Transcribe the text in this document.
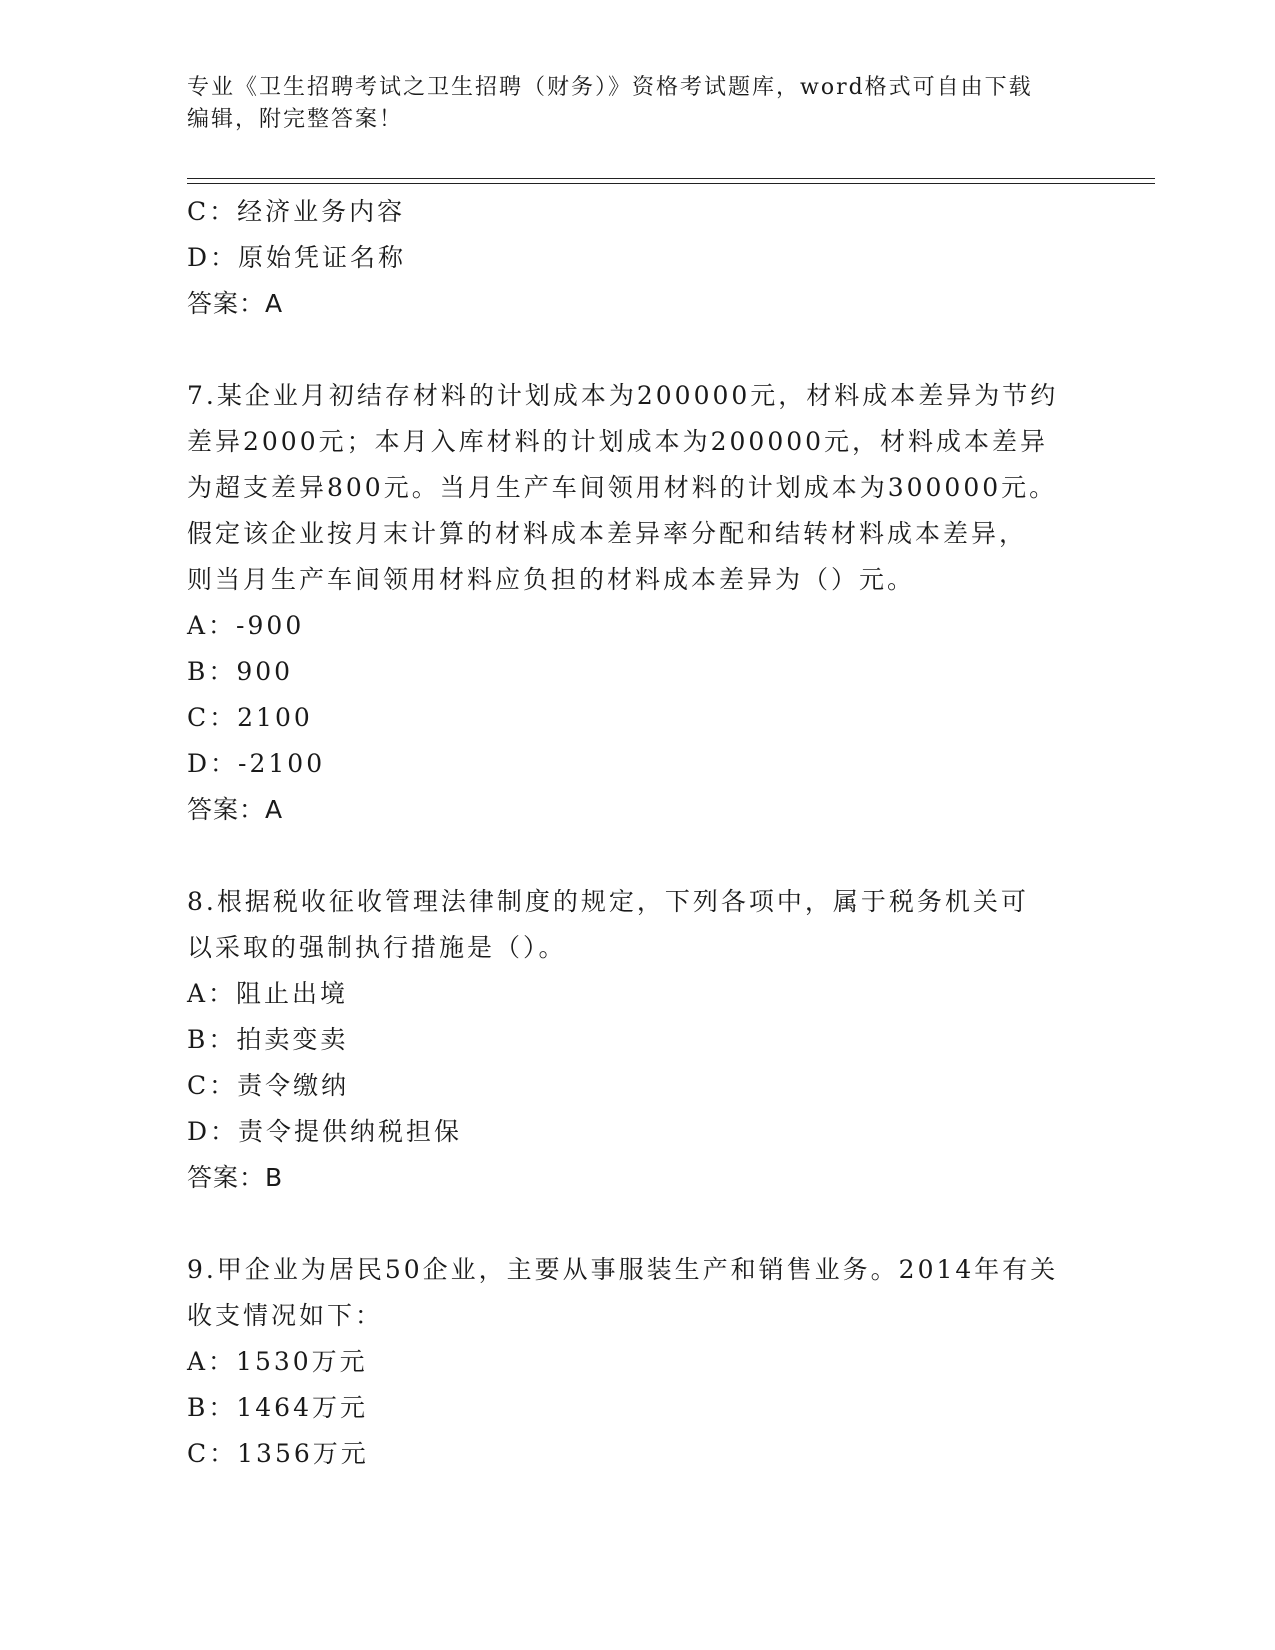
专业《卫生招聘考试之卫生招聘（财务）》资格考试题库，word格式可自由下载
编辑，附完整答案！
C：经济业务内容
D：原始凭证名称
答案：A
7.某企业月初结存材料的计划成本为200000元，材料成本差异为节约
差异2000元；本月入库材料的计划成本为200000元，材料成本差异
为超支差异800元。当月生产车间领用材料的计划成本为300000元。
假定该企业按月末计算的材料成本差异率分配和结转材料成本差异，
则当月生产车间领用材料应负担的材料成本差异为（）元。
A：-900
B：900
C：2100
D：-2100
答案：A
8.根据税收征收管理法律制度的规定，下列各项中，属于税务机关可
以采取的强制执行措施是（）。
A：阻止出境
B：拍卖变卖
C：责令缴纳
D：责令提供纳税担保
答案：B
9.甲企业为居民50企业，主要从事服装生产和销售业务。2014年有关
收支情况如下：
A：1530万元
B：1464万元
C：1356万元
